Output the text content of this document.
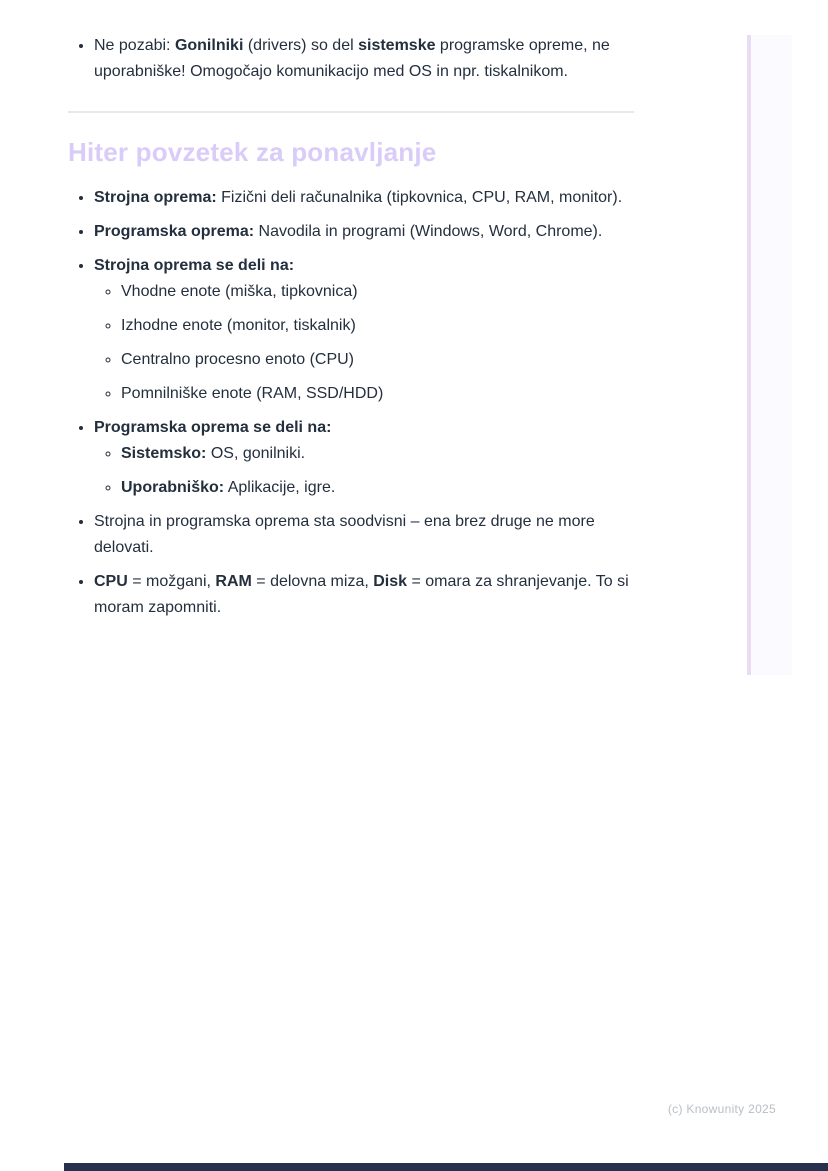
• Ne pozabi: Gonilniki (drivers) so del sistemske programske opreme, ne uporabniške! Omogočajo komunikacijo med OS in npr. tiskalnikom.
Hiter povzetek za ponavljanje
• Strojna oprema: Fizični deli računalnika (tipkovnica, CPU, RAM, monitor).
• Programska oprema: Navodila in programi (Windows, Word, Chrome).
• Strojna oprema se deli na:
◦ Vhodne enote (miška, tipkovnica)
◦ Izhodne enote (monitor, tiskalnik)
◦ Centralno procesno enoto (CPU)
◦ Pomnilniške enote (RAM, SSD/HDD)
• Programska oprema se deli na:
◦ Sistemsko: OS, gonilniki.
◦ Uporabniško: Aplikacije, igre.
• Strojna in programska oprema sta soodvisni – ena brez druge ne more delovati.
• CPU = možgani, RAM = delovna miza, Disk = omara za shranjevanje. To si moram zapomniti.
(c) Knowunity 2025
